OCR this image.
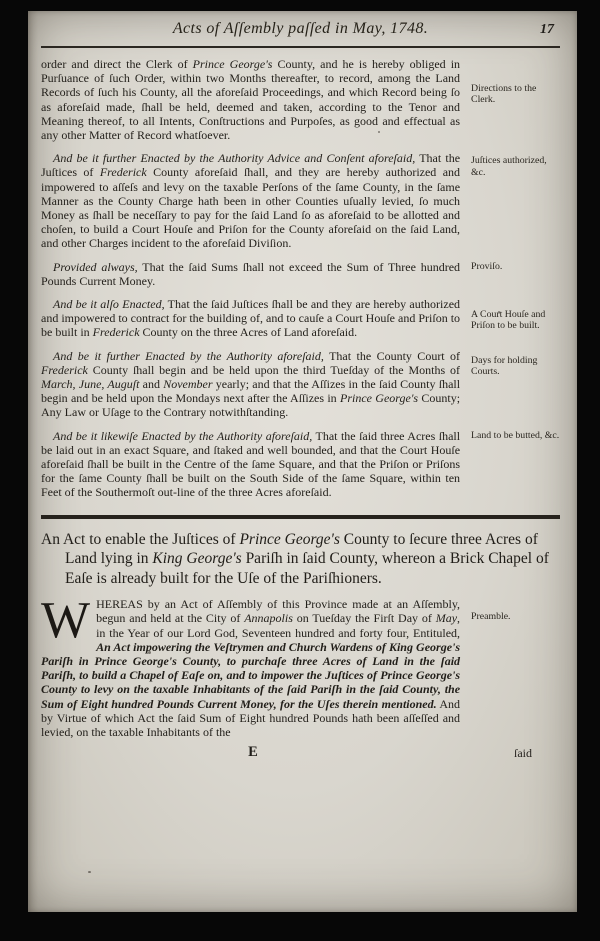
Acts of Aſſembly paſſed in May, 1748.	17
order and direct the Clerk of Prince George's County, and he is hereby obliged in Purſuance of ſuch Order, within two Months thereafter, to record, among the Land Records of ſuch his County, all the aforeſaid Proceedings, and which Record being ſo as aforeſaid made, ſhall be held, deemed and taken, according to the Tenor and Meaning thereof, to all Intents, Conſtructions and Purpoſes, as good and effectual as any other Matter of Record whatſoever.
Directions to the Clerk.
And be it further Enacted by the Authority Advice and Conſent aforeſaid, That the Juſtices of Frederick County aforeſaid ſhall, and they are hereby authorized and impowered to aſſeſs and levy on the taxable Perſons of the ſame County, in the ſame Manner as the County Charge hath been in other Counties uſually levied, ſo much Money as ſhall be neceſſary to pay for the ſaid Land ſo as aforeſaid to be allotted and choſen, to build a Court Houſe and Priſon for the County aforeſaid on the ſaid Land, and other Charges incident to the aforeſaid Diviſion.
Juſtices authorized, &c.
Provided always, That the ſaid Sums ſhall not exceed the Sum of Three hundred Pounds Current Money.
Proviſo.
And be it alſo Enacted, That the ſaid Juſtices ſhall be and they are hereby authorized and impowered to contract for the building of, and to cauſe a Court Houſe and Priſon to be built in Frederick County on the three Acres of Land aforeſaid.
A Court Houſe and Priſon to be built.
And be it further Enacted by the Authority aforeſaid, That the County Court of Frederick County ſhall begin and be held upon the third Tueſday of the Months of March, June, Auguſt and November yearly; and that the Aſſizes in the ſaid County ſhall begin and be held upon the Mondays next after the Aſſizes in Prince George's County; Any Law or Uſage to the Contrary notwithſtanding.
Days for holding Courts.
And be it likewiſe Enacted by the Authority aforeſaid, That the ſaid three Acres ſhall be laid out in an exact Square, and ſtaked and well bounded, and that the Court Houſe aforeſaid ſhall be built in the Centre of the ſame Square, and that the Priſon or Priſons for the ſame County ſhall be built on the South Side of the ſame Square, within ten Feet of the Southermoſt out-line of the three Acres aforeſaid.
Land to be butted, &c.
An Act to enable the Juſtices of Prince George's County to ſecure three Acres of Land lying in King George's Pariſh in ſaid County, whereon a Brick Chapel of Eaſe is already built for the Uſe of the Pariſhioners.
WHEREAS by an Act of Aſſembly of this Province made at an Aſſembly, begun and held at the City of Annapolis on Tueſday the Firſt Day of May, in the Year of our Lord God, Seventeen hundred and forty four, Entituled, An Act impowering the Veſtrymen and Church Wardens of King George's Pariſh in Prince George's County, to purchaſe three Acres of Land in the ſaid Pariſh, to build a Chapel of Eaſe on, and to impower the Juſtices of Prince George's County to levy on the taxable Inhabitants of the ſaid Pariſh in the ſaid County, the Sum of Eight hundred Pounds Current Money, for the Uſes therein mentioned. And by Virtue of which Act the ſaid Sum of Eight hundred Pounds hath been aſſeſſed and levied, on the taxable Inhabitants of the
Preamble.
E	ſaid
